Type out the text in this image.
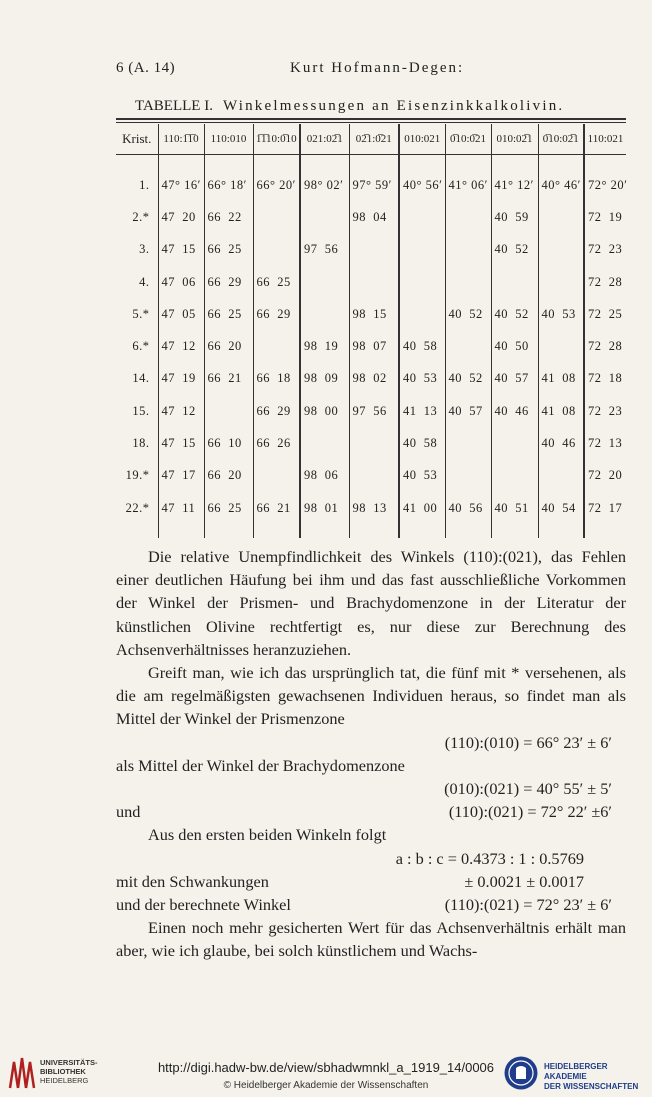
6 (A. 14)	Kurt Hofmann-Degen:
TABELLE I. Winkelmessungen an Eisenzinkkalkolivin.
Krist.	110:1̅1̅0	110:010	1̅1̅10:0̅10	021:02̅1	02̅1:0̅21	010:021	0̅10:0̅21	010:02̅1	0̅10:02̅1	110:021

1.	47° 16′	66° 18′	66° 20′	98° 02′	97° 59′	40° 56′	41° 06′	41° 12′	40° 46′	72° 20′
2.*	47  20	66  22			98  04			40  59		72  19
3.	47  15	66  25		97  56				40  52		72  23
4.	47  06	66  29	66  25							72  28
5.*	47  05	66  25	66  29		98  15		40  52	40  52	40  53	72  25
6.*	47  12	66  20		98  19	98  07	40  58		40  50		72  28
14.	47  19	66  21	66  18	98  09	98  02	40  53	40  52	40  57	41  08	72  18
15.	47  12		66  29	98  00	97  56	41  13	40  57	40  46	41  08	72  23
18.	47  15	66  10	66  26			40  58			40  46	72  13
19.*	47  17	66  20		98  06		40  53				72  20
22.*	47  11	66  25	66  21	98  01	98  13	41  00	40  56	40  51	40  54	72  17

Die relative Unempfindlichkeit des Winkels (110):(021), das Fehlen einer deutlichen Häufung bei ihm und das fast ausschließliche Vorkommen der Winkel der Prismen- und Brachydomenzone in der Literatur der künstlichen Olivine rechtfertigt es, nur diese zur Berechnung des Achsenverhältnisses heranzuziehen.

Greift man, wie ich das ursprünglich tat, die fünf mit * versehenen, als die am regelmäßigsten gewachsenen Individuen heraus, so findet man als Mittel der Winkel der Prismenzone

(110):(010) = 66° 23′ ± 6′
als Mittel der Winkel der Brachydomenzone
(010):(021) = 40° 55′ ± 5′
und	(110):(021) = 72° 22′ ±6′
Aus den ersten beiden Winkeln folgt
a : b : c = 0.4373 : 1 : 0.5769
mit den Schwankungen	± 0.0021 ± 0.0017
und der berechnete Winkel	(110):(021) = 72° 23′ ± 6′

Einen noch mehr gesicherten Wert für das Achsenverhältnis erhält man aber, wie ich glaube, bei solch künstlichem und Wachs-

UNIVERSITÄTS-
BIBLIOTHEK
HEIDELBERG
http://digi.hadw-bw.de/view/sbhadwmnkl_a_1919_14/0006
© Heidelberger Akademie der Wissenschaften
HEIDELBERGER AKADEMIE
DER WISSENSCHAFTEN
